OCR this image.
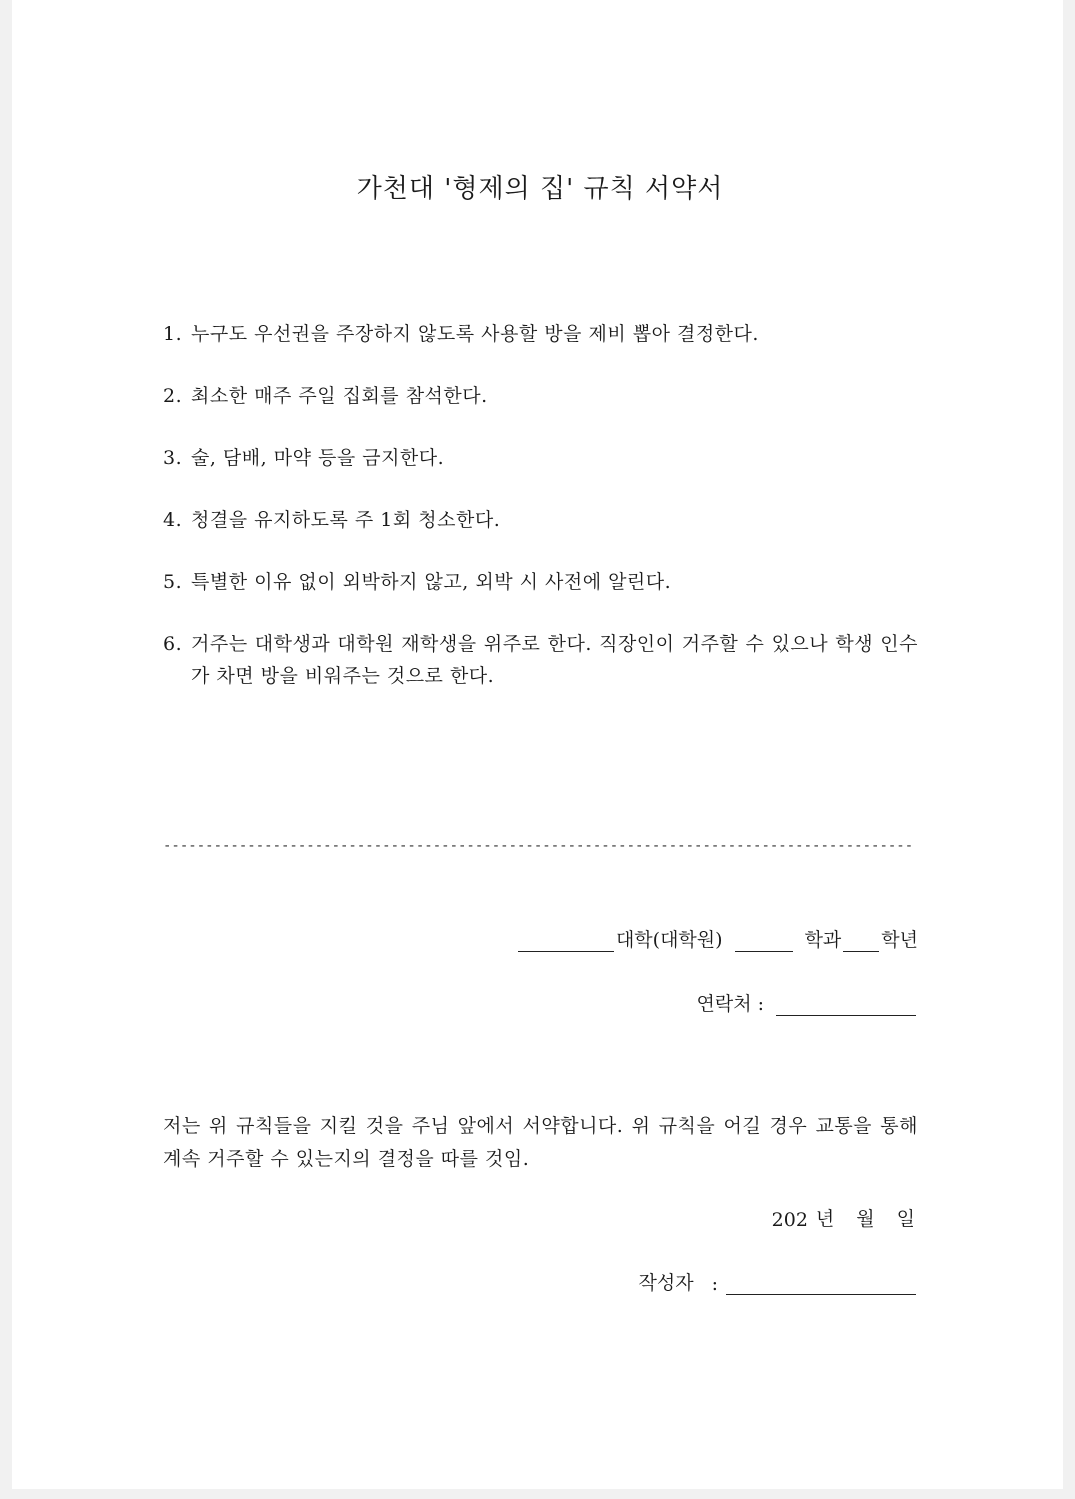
가천대 '형제의 집' 규칙 서약서
1. 누구도 우선권을 주장하지 않도록 사용할 방을 제비 뽑아 결정한다.
2. 최소한 매주 주일 집회를 참석한다.
3. 술, 담배, 마약 등을 금지한다.
4. 청결을 유지하도록 주 1회 청소한다.
5. 특별한 이유 없이 외박하지 않고, 외박 시 사전에 알린다.
6. 거주는 대학생과 대학원 재학생을 위주로 한다. 직장인이 거주할 수 있으나 학생 인수가 차면 방을 비워주는 것으로 한다.
-----------------------------------------------------------------------------------------
대학(대학원)	학과 학년
연락처 :
저는 위 규칙들을 지킬 것을 주님 앞에서 서약합니다. 위 규칙을 어길 경우 교통을 통해 계속 거주할 수 있는지의 결정을 따를 것임.
202 년 월 일
작성자 :
